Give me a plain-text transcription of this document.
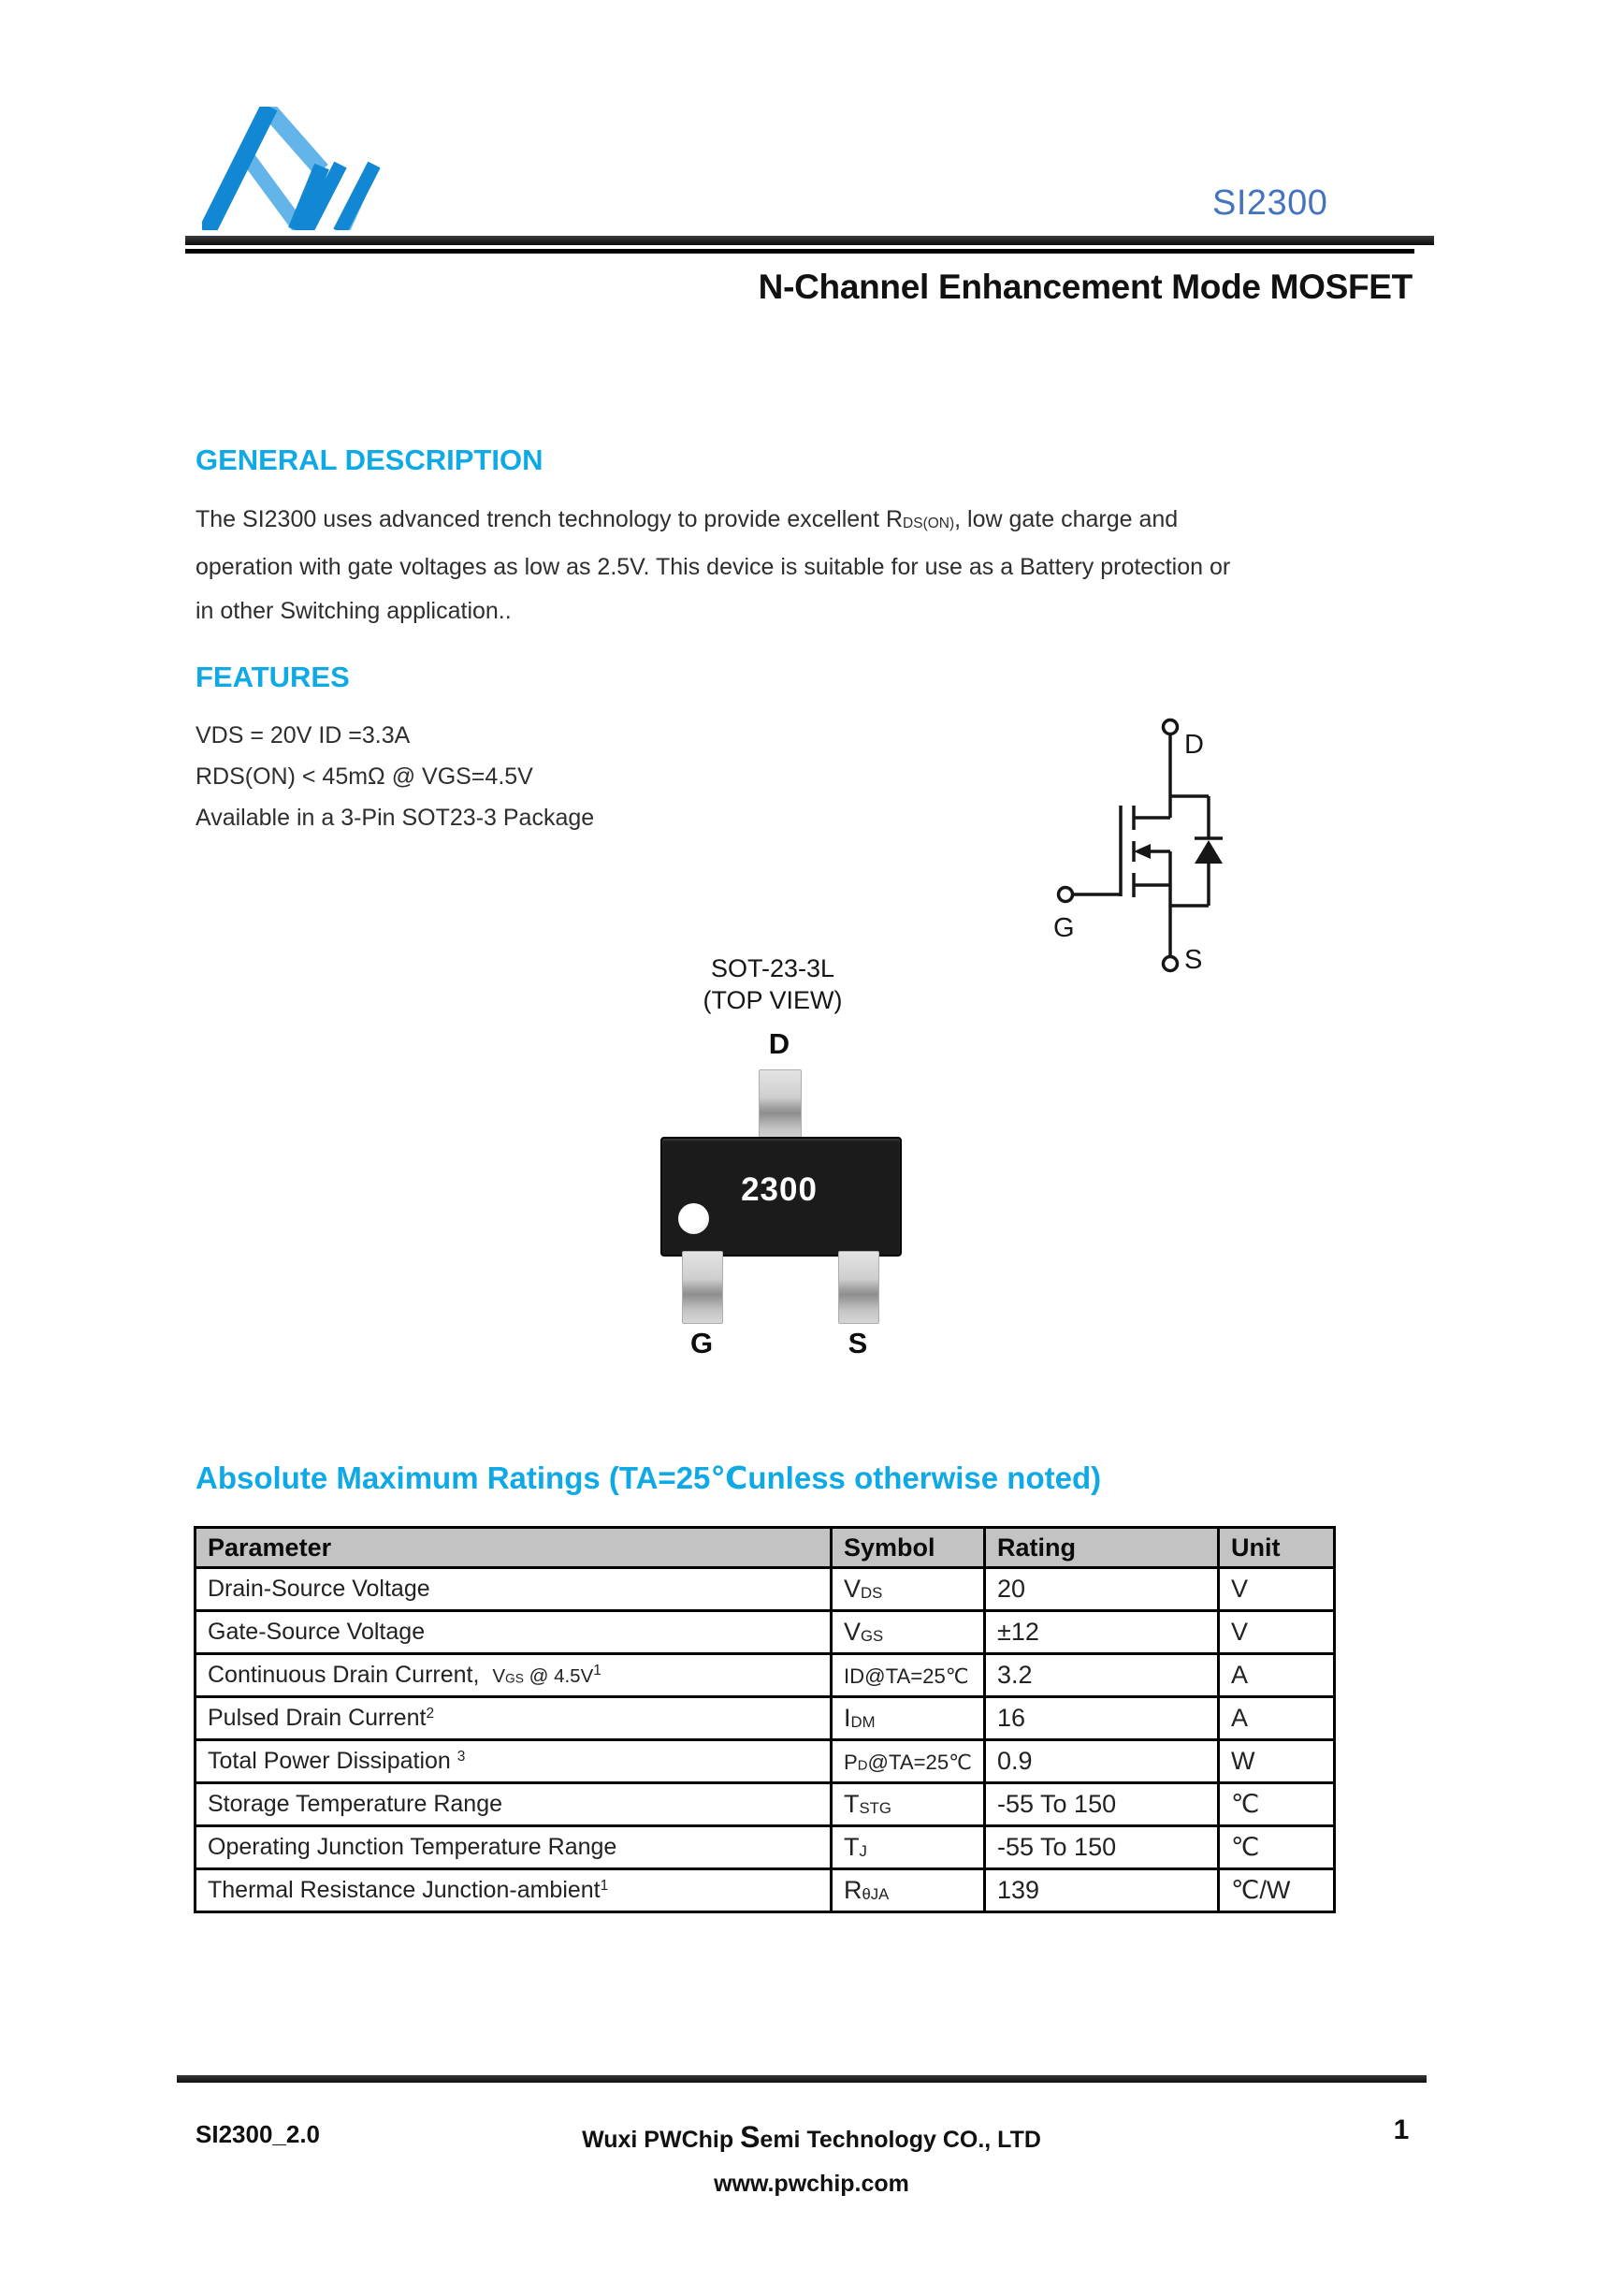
SI2300
N-Channel Enhancement Mode MOSFET
GENERAL DESCRIPTION
The SI2300 uses advanced trench technology to provide excellent RDS(ON), low gate charge and
operation with gate voltages as low as 2.5V. This device is suitable for use as a Battery protection or
in other Switching application..
FEATURES
VDS = 20V ID =3.3A
RDS(ON) < 45mΩ @ VGS=4.5V
Available in a 3-Pin SOT23-3 Package
D
G
S
SOT-23-3L
(TOP VIEW)
D
2300
G	S
Absolute Maximum Ratings (TA=25℃unless otherwise noted)
Parameter	Symbol	Rating	Unit
Drain-Source Voltage	VDS	20	V
Gate-Source Voltage	VGS	±12	V
Continuous Drain Current,  VGS @ $4.5V^1$	ID@TA=25℃	3.2	A
Pulsed Drain Current$^2$	IDM	16	A
Total Power Dissipation $^3$	PD@TA=25℃	0.9	W
Storage Temperature Range	TSTG	-55 To 150	℃
Operating Junction Temperature Range	TJ	-55 To 150	℃
Thermal Resistance Junction-ambient$^1$	RθJA	139	℃/W
SI2300_2.0	Wuxi PWChip Semi Technology CO., LTD	1
www.pwchip.com
